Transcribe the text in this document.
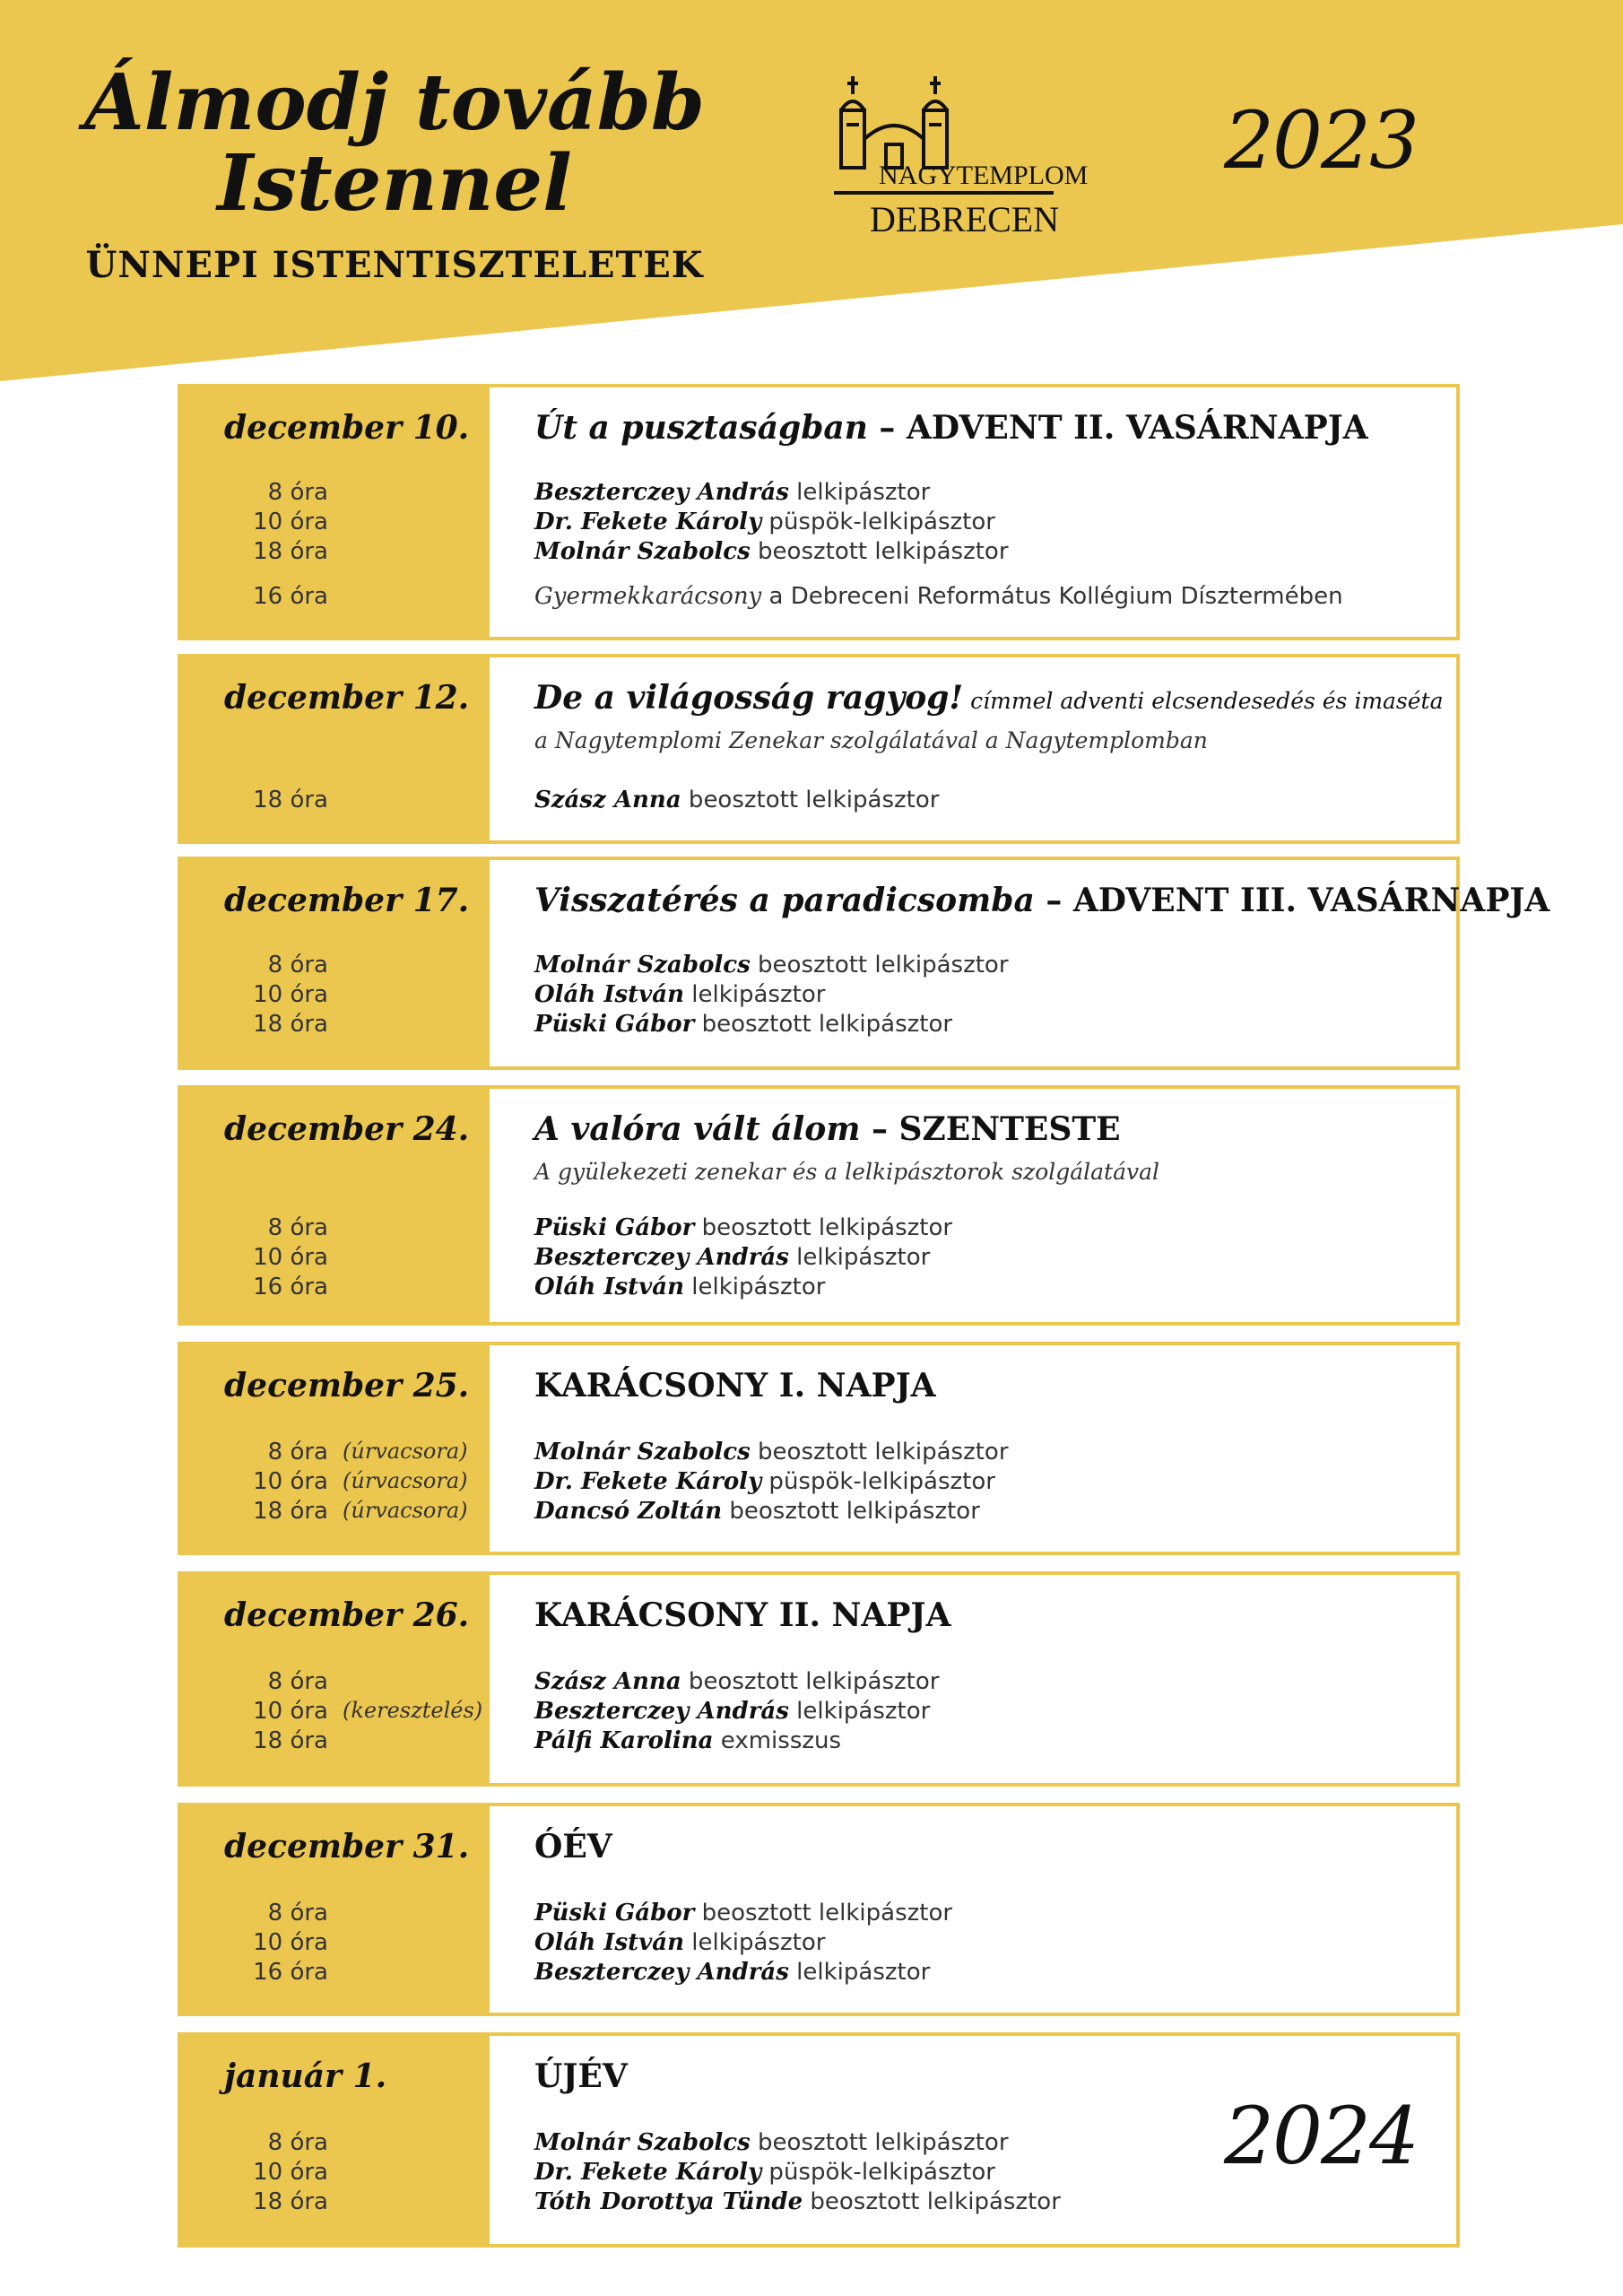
Álmodj tovább
Istennel
ÜNNEPI ISTENTISZTELETEK
NAGYTEMPLOM
DEBRECEN
2023
december 10.
8 óra
10 óra
18 óra
16 óra
Út a pusztaságban – ADVENT II. VASÁRNAPJA
Beszterczey András lelkipásztor
Dr. Fekete Károly püspök-lelkipásztor
Molnár Szabolcs beosztott lelkipásztor
Gyermekkarácsony a Debreceni Református Kollégium Dísztermében
december 12.
18 óra
De a világosság ragyog! címmel adventi elcsendesedés és imaséta
a Nagytemplomi Zenekar szolgálatával a Nagytemplomban
Szász Anna beosztott lelkipásztor
december 17.
8 óra
10 óra
18 óra
Visszatérés a paradicsomba – ADVENT III. VASÁRNAPJA
Molnár Szabolcs beosztott lelkipásztor
Oláh István lelkipásztor
Püski Gábor beosztott lelkipásztor
december 24.
8 óra
10 óra
16 óra
A valóra vált álom – SZENTESTE
A gyülekezeti zenekar és a lelkipásztorok szolgálatával
Püski Gábor beosztott lelkipásztor
Beszterczey András lelkipásztor
Oláh István lelkipásztor
december 25.
8 óra (úrvacsora)
10 óra (úrvacsora)
18 óra (úrvacsora)
KARÁCSONY I. NAPJA
Molnár Szabolcs beosztott lelkipásztor
Dr. Fekete Károly püspök-lelkipásztor
Dancsó Zoltán beosztott lelkipásztor
december 26.
8 óra
10 óra (keresztelés)
18 óra
KARÁCSONY II. NAPJA
Szász Anna beosztott lelkipásztor
Beszterczey András lelkipásztor
Pálfi Karolina exmisszus
december 31.
8 óra
10 óra
16 óra
ÓÉV
Püski Gábor beosztott lelkipásztor
Oláh István lelkipásztor
Beszterczey András lelkipásztor
január 1.
8 óra
10 óra
18 óra
ÚJÉV
Molnár Szabolcs beosztott lelkipásztor
Dr. Fekete Károly püspök-lelkipásztor
Tóth Dorottya Tünde beosztott lelkipásztor
2024
